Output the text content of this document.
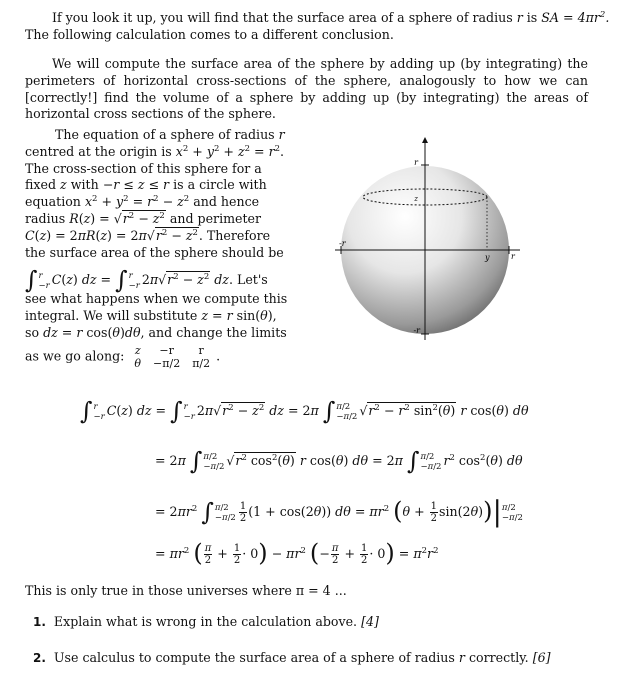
If you look it up, you will find that the surface area of a sphere of radius r is SA = $4\pi r^2$.
The following calculation comes to a different conclusion.
We will compute the surface area of the sphere by adding up (by integrating) the perimeters of horizontal cross-sections of the sphere, analogously to how we can [correctly!] find the volume of a sphere by adding up (by integrating) the areas of horizontal cross sections of the sphere.
The equation of a sphere of radius r
centred at the origin is $x^2 + y^2 + z^2 = r^2$.
The cross-section of this sphere for a
fixed z with −r ≤ z ≤ r is a circle with
equation $x^2 + y^2 = r^2 - z^2$ and hence
radius $R(z) = √r^2 - z^2$ and perimeter
$C(z) = 2\pi R(z) = 2\pi√r^2 - z^2$. Therefore
the surface area of the sphere should be
∫ r
−r C(z) dz = ∫ r
−r $2\pi√r^2 - z^2$ dz. Let's
see what happens when we compute this
integral. We will substitute z = r sin(θ),
so dz = r cos(θ)dθ, and change the limits
as we go along: z	−r	r
θ	−π/2	π/2 .
r
-r
-r
r
y
z
∫ r
−r C(z) dz = ∫ r
−r $2\pi√r^2 - z^2$ dz = 2π ∫ π/2
−π/2 $√r^2 - r^2$ $\sin^2(\theta)$ r cos(θ) dθ
= 2π ∫ π/2
−π/2 $√r^2$ $\cos^2(\theta)$ r cos(θ) dθ = 2π ∫ π/2
−π/2 $r^2$ $\cos^2(\theta)$ dθ
= $2\pi r^2$ ∫ π/2
$-\pi/2 \frac{1}{2} (1 + \cos(2\theta)) d\theta = \pi r^2$ $(\theta + \frac{1}{2} \sin(2\theta))|$ π/2
−π/2
= $\pi r^2$ ( $\frac{\pi}{2} + \frac{1}{2} \cdot 0) - \pi r^2$ (− $\frac{\pi}{2} + \frac{1}{2} \cdot 0) = \pi^2r^2$
This is only true in those universes where π = 4 ...
1. Explain what is wrong in the calculation above. [4]
2. Use calculus to compute the surface area of a sphere of radius r correctly. [6]
